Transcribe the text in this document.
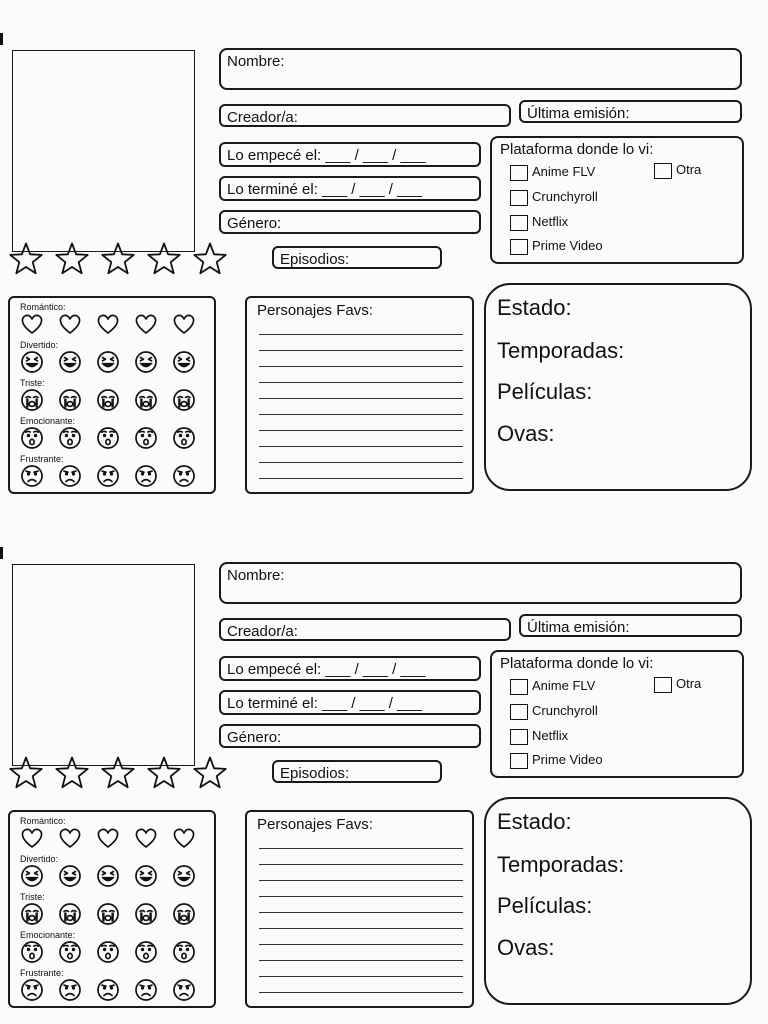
Nombre:
Creador/a:	Última emisión:
Lo empecé el: ___ / ___ / ___
Lo terminé el: ___ / ___ / ___
Género:
Episodios:
Plataforma donde lo vi:
Anime FLV	Otra
Crunchyroll
Netflix
Prime Video
Romántico:
Divertido:
Triste:
Emocionante:
Frustrante:
Personajes Favs:	Estado:
Temporadas:
Películas:
Ovas:
Nombre:
Creador/a:	Última emisión:
Lo empecé el: ___ / ___ / ___
Lo terminé el: ___ / ___ / ___
Género:
Episodios:
Plataforma donde lo vi:
Anime FLV	Otra
Crunchyroll
Netflix
Prime Video
Romántico:
Divertido:
Triste:
Emocionante:
Frustrante:
Personajes Favs:	Estado:
Temporadas:
Películas:
Ovas:
